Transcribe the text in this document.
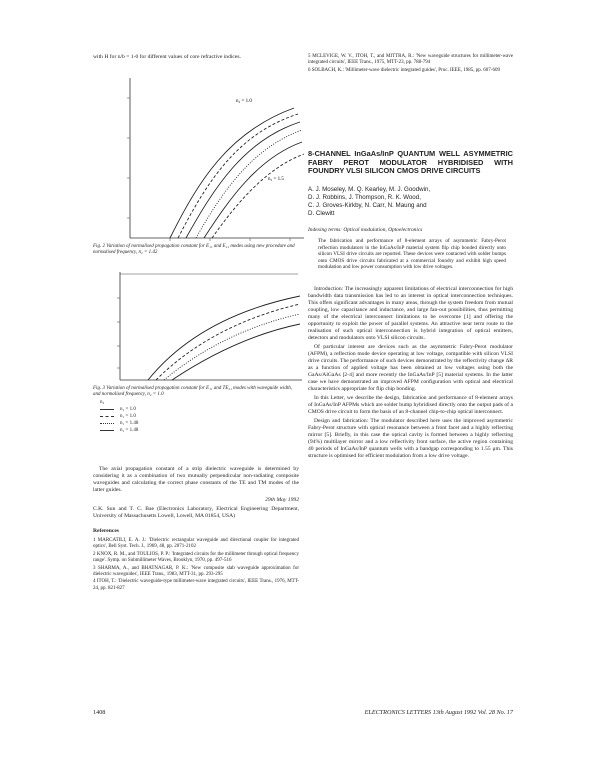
with H for n/b = 1-0 for different values of core refractive indices.
n₂ = 1.0
n₂ = 1.5
Fig. 2 Variation of normalised propagation constant for E₁₁ and E₂₁ modes using new procedure and normalised frequency, n₂ = 1.42
Fig. 3 Variation of normalised propagation constant for E₁₁ and TE₂₁ modes with waveguide width, and normalised frequency, n₂ = 1.0
n₂
n₁ = 1.0
n₁ = 1.0
n₁ = 1.48
n₁ = 1.48

The axial propagation constant of a strip dielectric waveguide is determined by considering it as a combination of two mutually perpendicular non-radiating composite waveguides and calculating the correct phase constants of the TE and TM modes of the latter guides.

29th May 1992
C.K. Sun and T. C. Bae (Electronics Laboratory, Electrical Engineering Department, University of Massachusetts Lowell, Lowell, MA 01854, USA)
References
1 MARCATILI, E. A. J.: 'Dielectric rectangular waveguide and directional coupler for integrated optics', Bell Syst. Tech. J., 1969, 48, pp. 2071-2102
2 KNOX, R. M., and TOULIOS, P. P.: 'Integrated circuits for the millimeter through optical frequency range'. Symp. on Submillimeter Waves, Brooklyn, 1970, pp. 497-516
3 SHARMA, A., and BHATNAGAR, P. K.: 'New composite slab waveguide approximation for dielectric waveguides', IEEE Trans., 1983, MTT-31, pp. 293-295
4 ITOH, T.: 'Dielectric waveguide-type millimeter-wave integrated circuits', IEEE Trans., 1976, MTT-24, pp. 821-827
5 MCLEVIGE, W. V., ITOH, T., and MITTRA, R.: 'New waveguide structures for millimeter-wave integrated circuits', IEEE Trans., 1975, MTT-23, pp. 788-794
6 SOLBACH, K.: 'Millimeter-wave dielectric integrated guides', Proc. IEEE, 1985, pp. 607-609
8-CHANNEL InGaAs/InP QUANTUM WELL ASYMMETRIC FABRY PEROT MODULATOR HYBRIDISED WITH FOUNDRY VLSI SILICON CMOS DRIVE CIRCUITS
A. J. Moseley, M. Q. Kearley, M. J. Goodwin,
D. J. Robbins, J. Thompson, R. K. Wood,
C. J. Groves-Kirkby, N. Carr, N. Maung and
D. Clewitt
Indexing terms: Optical modulation, Optoelectronics
The fabrication and performance of 8-element arrays of asymmetric Fabry-Perot reflection modulators in the InGaAs/InP material system flip chip bonded directly onto silicon VLSI drive circuits are reported. These devices were contacted with solder bumps onto CMOS drive circuits fabricated at a commercial foundry and exhibit high speed modulation and low power consumption with low drive voltages.

Introduction: The increasingly apparent limitations of electrical interconnection for high bandwidth data transmission has led to an interest in optical interconnection techniques. This offers significant advantages in many areas, through the system freedom from mutual coupling, low capacitance and inductance, and large fan-out possibilities, thus permitting many of the electrical interconnect limitations to be overcome [1] and offering the opportunity to exploit the power of parallel systems. An attractive near term route to the realisation of such optical interconnection is hybrid integration of optical emitters, detectors and modulators onto VLSI silicon circuits.

Of particular interest are devices such as the asymmetric Fabry-Perot modulator (AFPM), a reflection mode device operating at low voltage, compatible with silicon VLSI drive circuits. The performance of such devices demonstrated by the reflectivity change ΔR as a function of applied voltage has been obtained at low voltages using both the GaAs/AlGaAs [2-4] and more recently the InGaAs/InP [5] material systems. In the latter case we have demonstrated an improved AFPM configuration with optical and electrical characteristics appropriate for flip chip bonding.

In this Letter, we describe the design, fabrication and performance of 8-element arrays of InGaAs/InP AFPMs which are solder bump hybridised directly onto the output pads of a CMOS drive circuit to form the basis of an 8-channel chip-to-chip optical interconnect.

Design and fabrication: The modulator described here uses the improved asymmetric Fabry-Perot structure with optical resonance between a front facet and a highly reflecting mirror [5]. Briefly, in this case the optical cavity is formed between a highly reflecting (94%) multilayer mirror and a low reflectivity front surface, the active region containing 40 periods of InGaAs/InP quantum wells with a bandgap corresponding to 1.55 μm. This structure is optimised for efficient modulation from a low drive voltage.

1408	ELECTRONICS LETTERS 13th August 1992 Vol. 28 No. 17
